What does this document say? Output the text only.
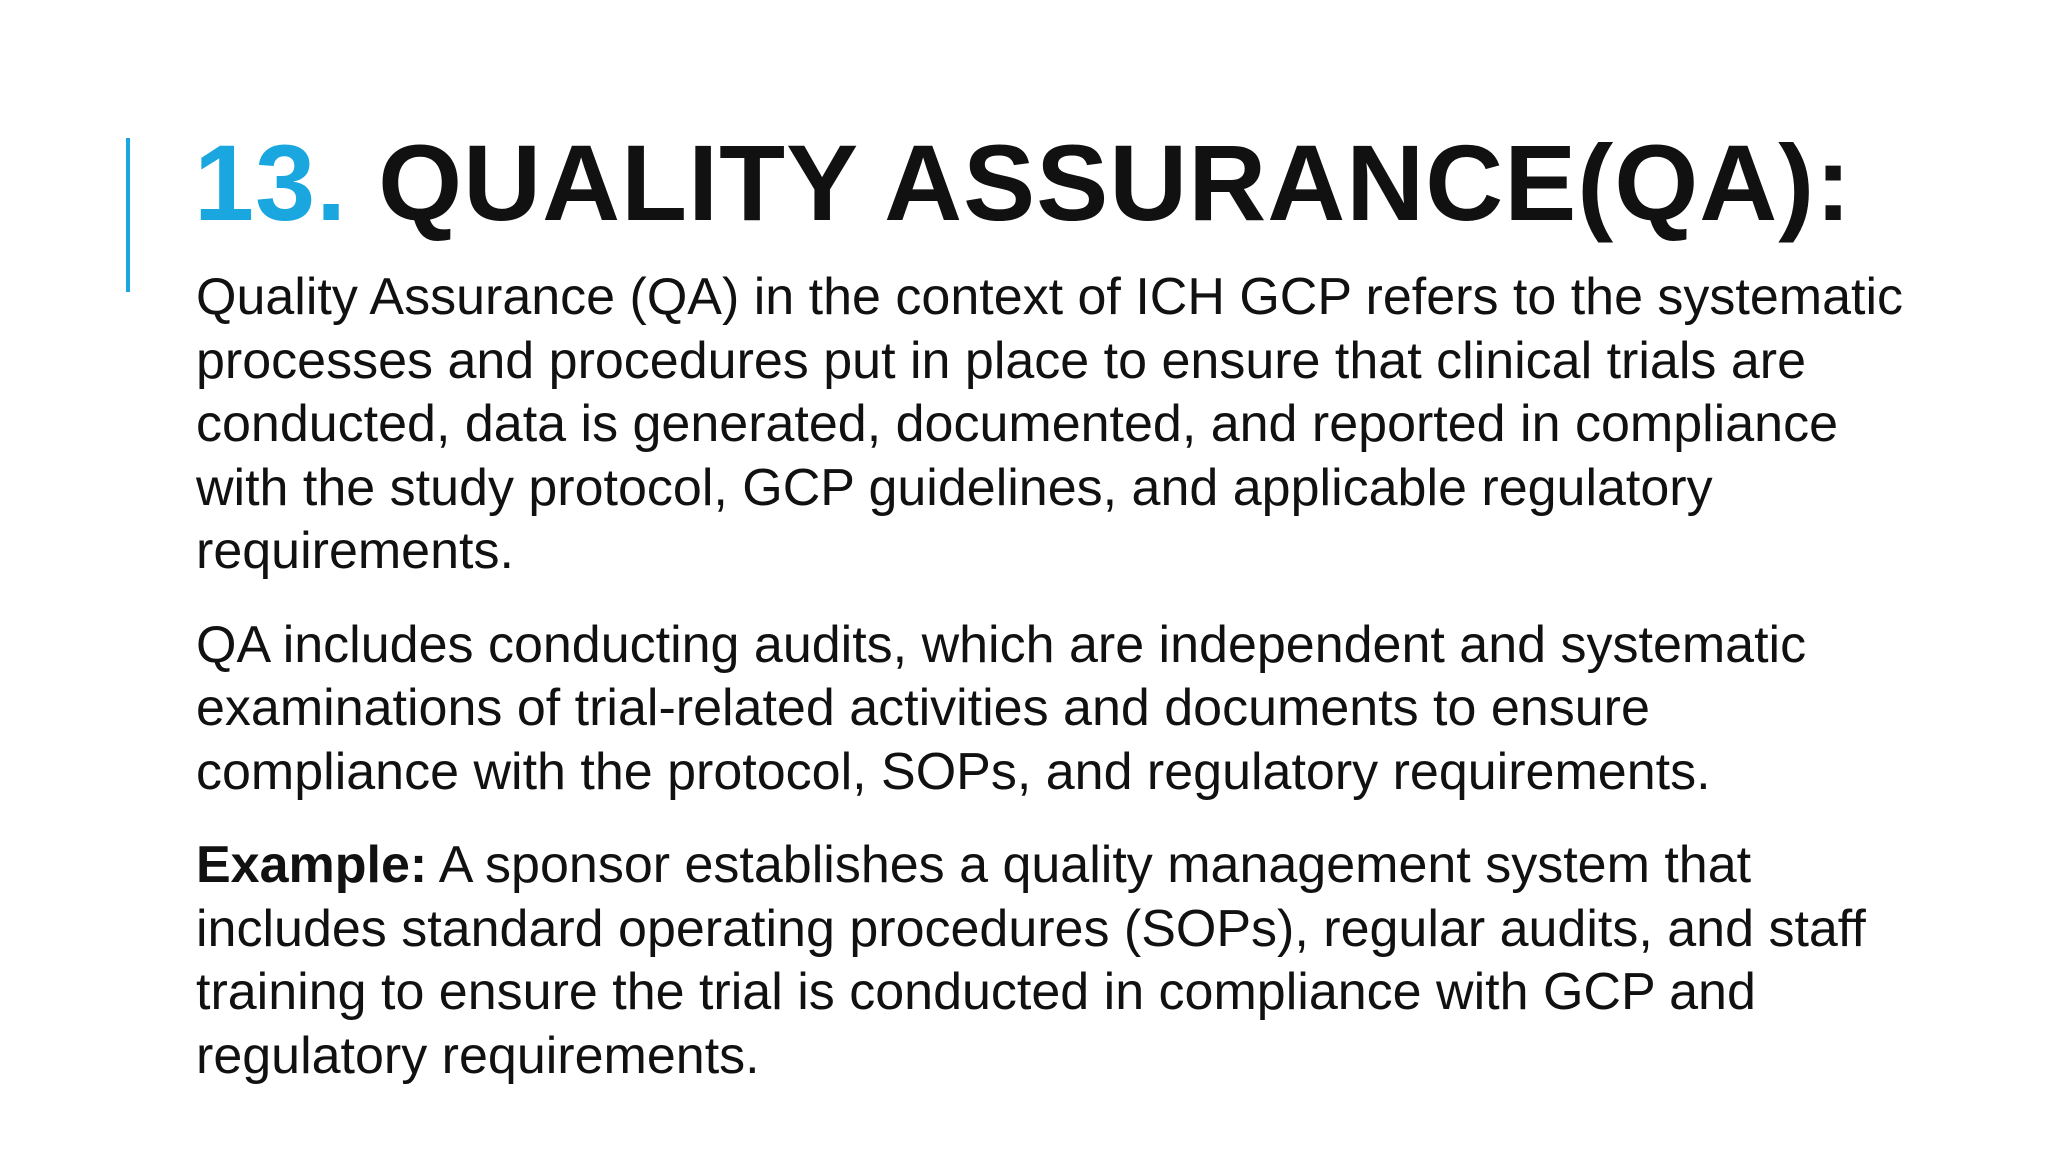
13. QUALITY ASSURANCE(QA):

Quality Assurance (QA) in the context of ICH GCP refers to the systematic
processes and procedures put in place to ensure that clinical trials are
conducted, data is generated, documented, and reported in compliance
with the study protocol, GCP guidelines, and applicable regulatory
requirements.

QA includes conducting audits, which are independent and systematic
examinations of trial-related activities and documents to ensure
compliance with the protocol, SOPs, and regulatory requirements.

Example: A sponsor establishes a quality management system that
includes standard operating procedures (SOPs), regular audits, and staff
training to ensure the trial is conducted in compliance with GCP and
regulatory requirements.
